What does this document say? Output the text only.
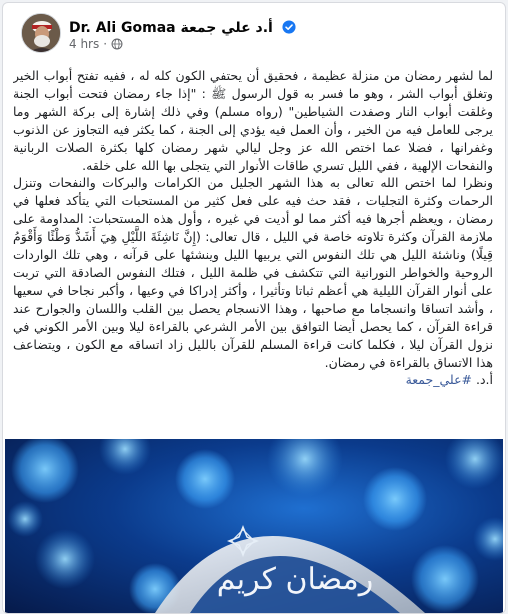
Dr. Ali Gomaa أ.د علي جمعة
4 hrs ·

لما لشهر رمضان من منزلة عظيمة ، فحقيق أن يحتفي الكون كله له ، ففيه تفتح أبواب الخير وتغلق أبواب الشر ، وهو ما فسر به قول الرسول ﷺ : "إذا جاء رمضان فتحت أبواب الجنة وغلقت أبواب النار وصفدت الشياطين" (رواه مسلم) وفي ذلك إشارة إلى بركة الشهر وما يرجى للعامل فيه من الخير ، وأن العمل فيه يؤدي إلى الجنة ، كما يكثر فيه التجاوز عن الذنوب وغفرانها ، فضلا عما اختص الله عز وجل ليالي شهر رمضان كلها بكثرة الصلات الربانية والنفحات الإلهية ، ففي الليل تسري طاقات الأنوار التي يتجلى بها الله على خلقه.

ونظرا لما اختص الله تعالى به هذا الشهر الجليل من الكرامات والبركات والنفحات وتنزل الرحمات وكثرة التجليات ، فقد حث فيه على فعل كثير من المستحبات التي يتأكد فعلها في رمضان ، ويعظم أجرها فيه أكثر مما لو أديت في غيره ، وأول هذه المستحبات: المداومة على ملازمة القرآن وكثرة تلاوته خاصة في الليل ، قال تعالى: (إِنَّ نَاشِئَةَ اللَّيْلِ هِيَ أَشَدُّ وَطْئًا وَأَقْوَمُ قِيلًا) وناشئة الليل هي تلك النفوس التي يربيها الليل وينشئها على قرآنه ، وهي تلك الواردات الروحية والخواطر النورانية التي تتكشف في ظلمة الليل ، فتلك النفوس الصادقة التي تربت على أنوار القرآن الليلية هي أعظم ثباتا وتأثيرا ، وأكثر إدراكا في وعيها ، وأكبر نجاحا في سعيها ، وأشد اتساقا وانسجاما مع صاحبها ، وهذا الانسجام يحصل بين القلب واللسان والجوارح عند قراءة القرآن ، كما يحصل أيضا التوافق بين الأمر الشرعي بالقراءة ليلا وبين الأمر الكوني في نزول القرآن ليلا ، فكلما كانت قراءة المسلم للقرآن بالليل زاد اتساقه مع الكون ، ويتضاعف هذا الاتساق بالقراءة في رمضان.

أ.د. #علي_جمعة

رمضان كريم
